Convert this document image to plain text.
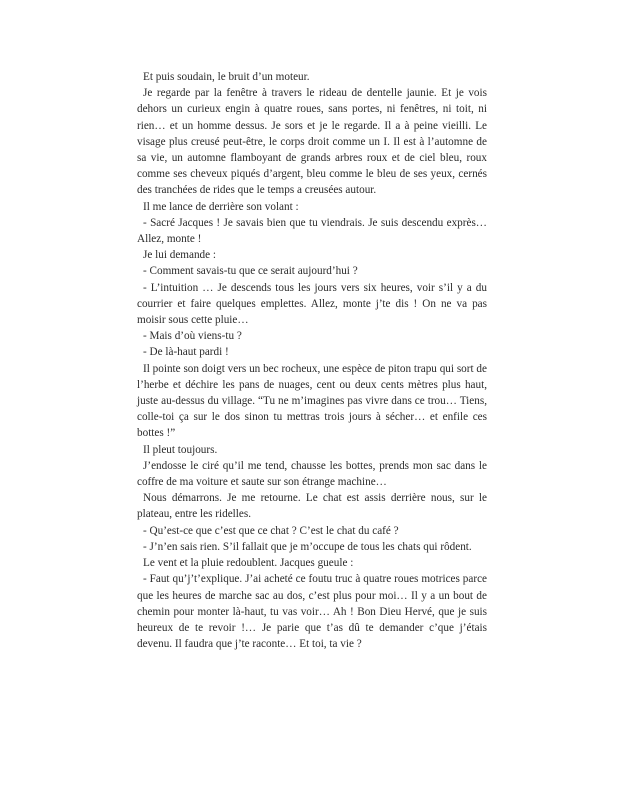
Et puis soudain, le bruit d’un moteur.

Je regarde par la fenêtre à travers le rideau de dentelle jaunie. Et je vois dehors un curieux engin à quatre roues, sans portes, ni fenêtres, ni toit, ni rien… et un homme dessus. Je sors et je le regarde. Il a à peine vieilli. Le visage plus creusé peut-être, le corps droit comme un I. Il est à l’automne de sa vie, un automne flamboyant de grands arbres roux et de ciel bleu, roux comme ses cheveux piqués d’argent, bleu comme le bleu de ses yeux, cernés des tranchées de rides que le temps a creusées autour.

Il me lance de derrière son volant :

- Sacré Jacques ! Je savais bien que tu viendrais. Je suis descendu exprès… Allez, monte !

Je lui demande :

- Comment savais-tu que ce serait aujourd’hui ?

- L’intuition … Je descends tous les jours vers six heures, voir s’il y a du courrier et faire quelques emplettes. Allez, monte j’te dis ! On ne va pas moisir sous cette pluie…

- Mais d’où viens-tu ?

- De là-haut pardi !

Il pointe son doigt vers un bec rocheux, une espèce de piton trapu qui sort de l’herbe et déchire les pans de nuages, cent ou deux cents mètres plus haut, juste au-dessus du village. “Tu ne m’imagines pas vivre dans ce trou… Tiens, colle-toi ça sur le dos sinon tu mettras trois jours à sécher… et enfile ces bottes !”

Il pleut toujours.

J’endosse le ciré qu’il me tend, chausse les bottes, prends mon sac dans le coffre de ma voiture et saute sur son étrange machine…

Nous démarrons. Je me retourne. Le chat est assis derrière nous, sur le plateau, entre les ridelles.

- Qu’est-ce que c’est que ce chat ? C’est le chat du café ?

- J’n’en sais rien. S’il fallait que je m’occupe de tous les chats qui rôdent.

Le vent et la pluie redoublent. Jacques gueule :

- Faut qu’j’t’explique. J’ai acheté ce foutu truc à quatre roues motrices parce que les heures de marche sac au dos, c’est plus pour moi… Il y a un bout de chemin pour monter là-haut, tu vas voir… Ah ! Bon Dieu Hervé, que je suis heureux de te revoir !… Je parie que t’as dû te demander c’que j’étais devenu. Il faudra que j’te raconte… Et toi, ta vie ?
